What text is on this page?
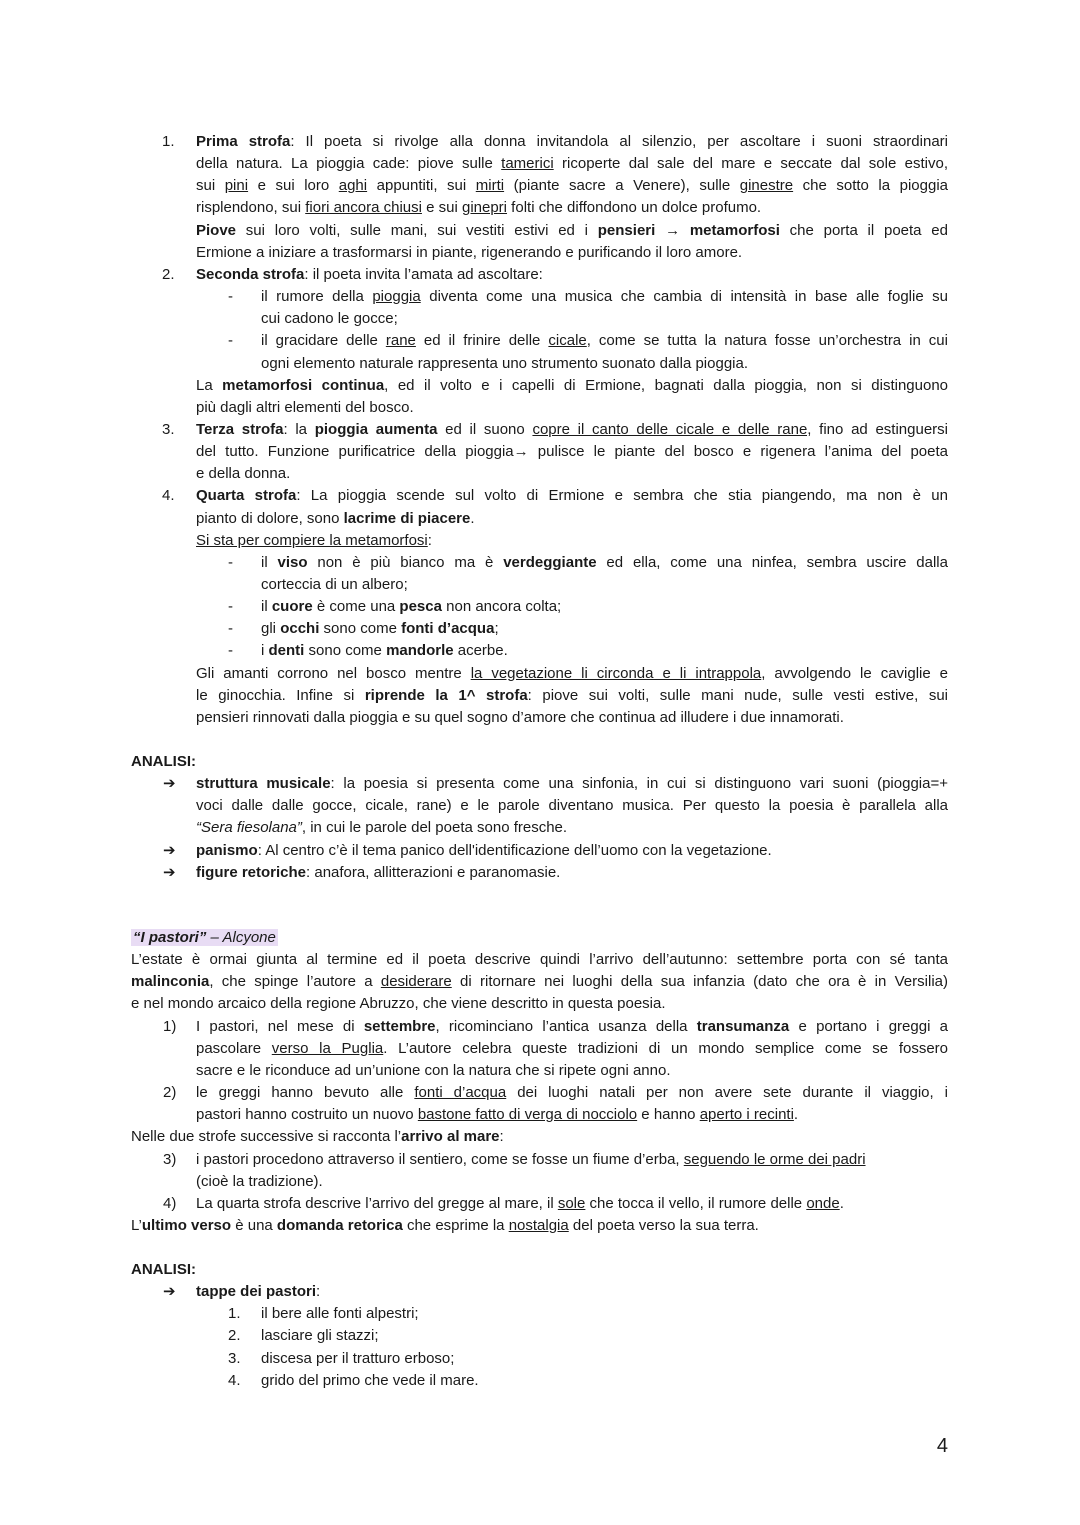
1. Prima strofa: Il poeta si rivolge alla donna invitandola al silenzio, per ascoltare i suoni straordinari
della natura. La pioggia cade: piove sulle tamerici ricoperte dal sale del mare e seccate dal sole estivo,
sui pini e sui loro aghi appuntiti, sui mirti (piante sacre a Venere), sulle ginestre che sotto la pioggia
risplendono, sui fiori ancora chiusi e sui ginepri folti che diffondono un dolce profumo.
Piove sui loro volti, sulle mani, sui vestiti estivi ed i pensieri → metamorfosi che porta il poeta ed
Ermione a iniziare a trasformarsi in piante, rigenerando e purificando il loro amore.
2. Seconda strofa: il poeta invita l’amata ad ascoltare:
- il rumore della pioggia diventa come una musica che cambia di intensità in base alle foglie su
cui cadono le gocce;
- il gracidare delle rane ed il frinire delle cicale, come se tutta la natura fosse un’orchestra in cui
ogni elemento naturale rappresenta uno strumento suonato dalla pioggia.
La metamorfosi continua, ed il volto e i capelli di Ermione, bagnati dalla pioggia, non si distinguono
più dagli altri elementi del bosco.
3. Terza strofa: la pioggia aumenta ed il suono copre il canto delle cicale e delle rane, fino ad estinguersi
del tutto. Funzione purificatrice della pioggia→ pulisce le piante del bosco e rigenera l’anima del poeta
e della donna.
4. Quarta strofa: La pioggia scende sul volto di Ermione e sembra che stia piangendo, ma non è un
pianto di dolore, sono lacrime di piacere.
Si sta per compiere la metamorfosi:
- il viso non è più bianco ma è verdeggiante ed ella, come una ninfea, sembra uscire dalla
corteccia di un albero;
- il cuore è come una pesca non ancora colta;
- gli occhi sono come fonti d’acqua;
- i denti sono come mandorle acerbe.
Gli amanti corrono nel bosco mentre la vegetazione li circonda e li intrappola, avvolgendo le caviglie e
le ginocchia. Infine si riprende la 1^ strofa: piove sui volti, sulle mani nude, sulle vesti estive, sui
pensieri rinnovati dalla pioggia e su quel sogno d’amore che continua ad illudere i due innamorati.
ANALISI:
➔ struttura musicale: la poesia si presenta come una sinfonia, in cui si distinguono vari suoni (pioggia=+
voci dalle dalle gocce, cicale, rane) e le parole diventano musica. Per questo la poesia è parallela alla
“Sera fiesolana”, in cui le parole del poeta sono fresche.
➔ panismo: Al centro c’è il tema panico dell'identificazione dell’uomo con la vegetazione.
➔ figure retoriche: anafora, allitterazioni e paranomasie.
“I pastori” – Alcyone
L’estate è ormai giunta al termine ed il poeta descrive quindi l’arrivo dell’autunno: settembre porta con sé tanta
malinconia, che spinge l’autore a desiderare di ritornare nei luoghi della sua infanzia (dato che ora è in Versilia)
e nel mondo arcaico della regione Abruzzo, che viene descritto in questa poesia.
1) I pastori, nel mese di settembre, ricominciano l’antica usanza della transumanza e portano i greggi a
pascolare verso la Puglia. L’autore celebra queste tradizioni di un mondo semplice come se fossero
sacre e le riconduce ad un’unione con la natura che si ripete ogni anno.
2) le greggi hanno bevuto alle fonti d’acqua dei luoghi natali per non avere sete durante il viaggio, i
pastori hanno costruito un nuovo bastone fatto di verga di nocciolo e hanno aperto i recinti.
Nelle due strofe successive si racconta l’arrivo al mare:
3) i pastori procedono attraverso il sentiero, come se fosse un fiume d’erba, seguendo le orme dei padri
(cioè la tradizione).
4) La quarta strofa descrive l’arrivo del gregge al mare, il sole che tocca il vello, il rumore delle onde.
L’ultimo verso è una domanda retorica che esprime la nostalgia del poeta verso la sua terra.
ANALISI:
➔ tappe dei pastori:
1. il bere alle fonti alpestri;
2. lasciare gli stazzi;
3. discesa per il tratturo erboso;
4. grido del primo che vede il mare.
4
